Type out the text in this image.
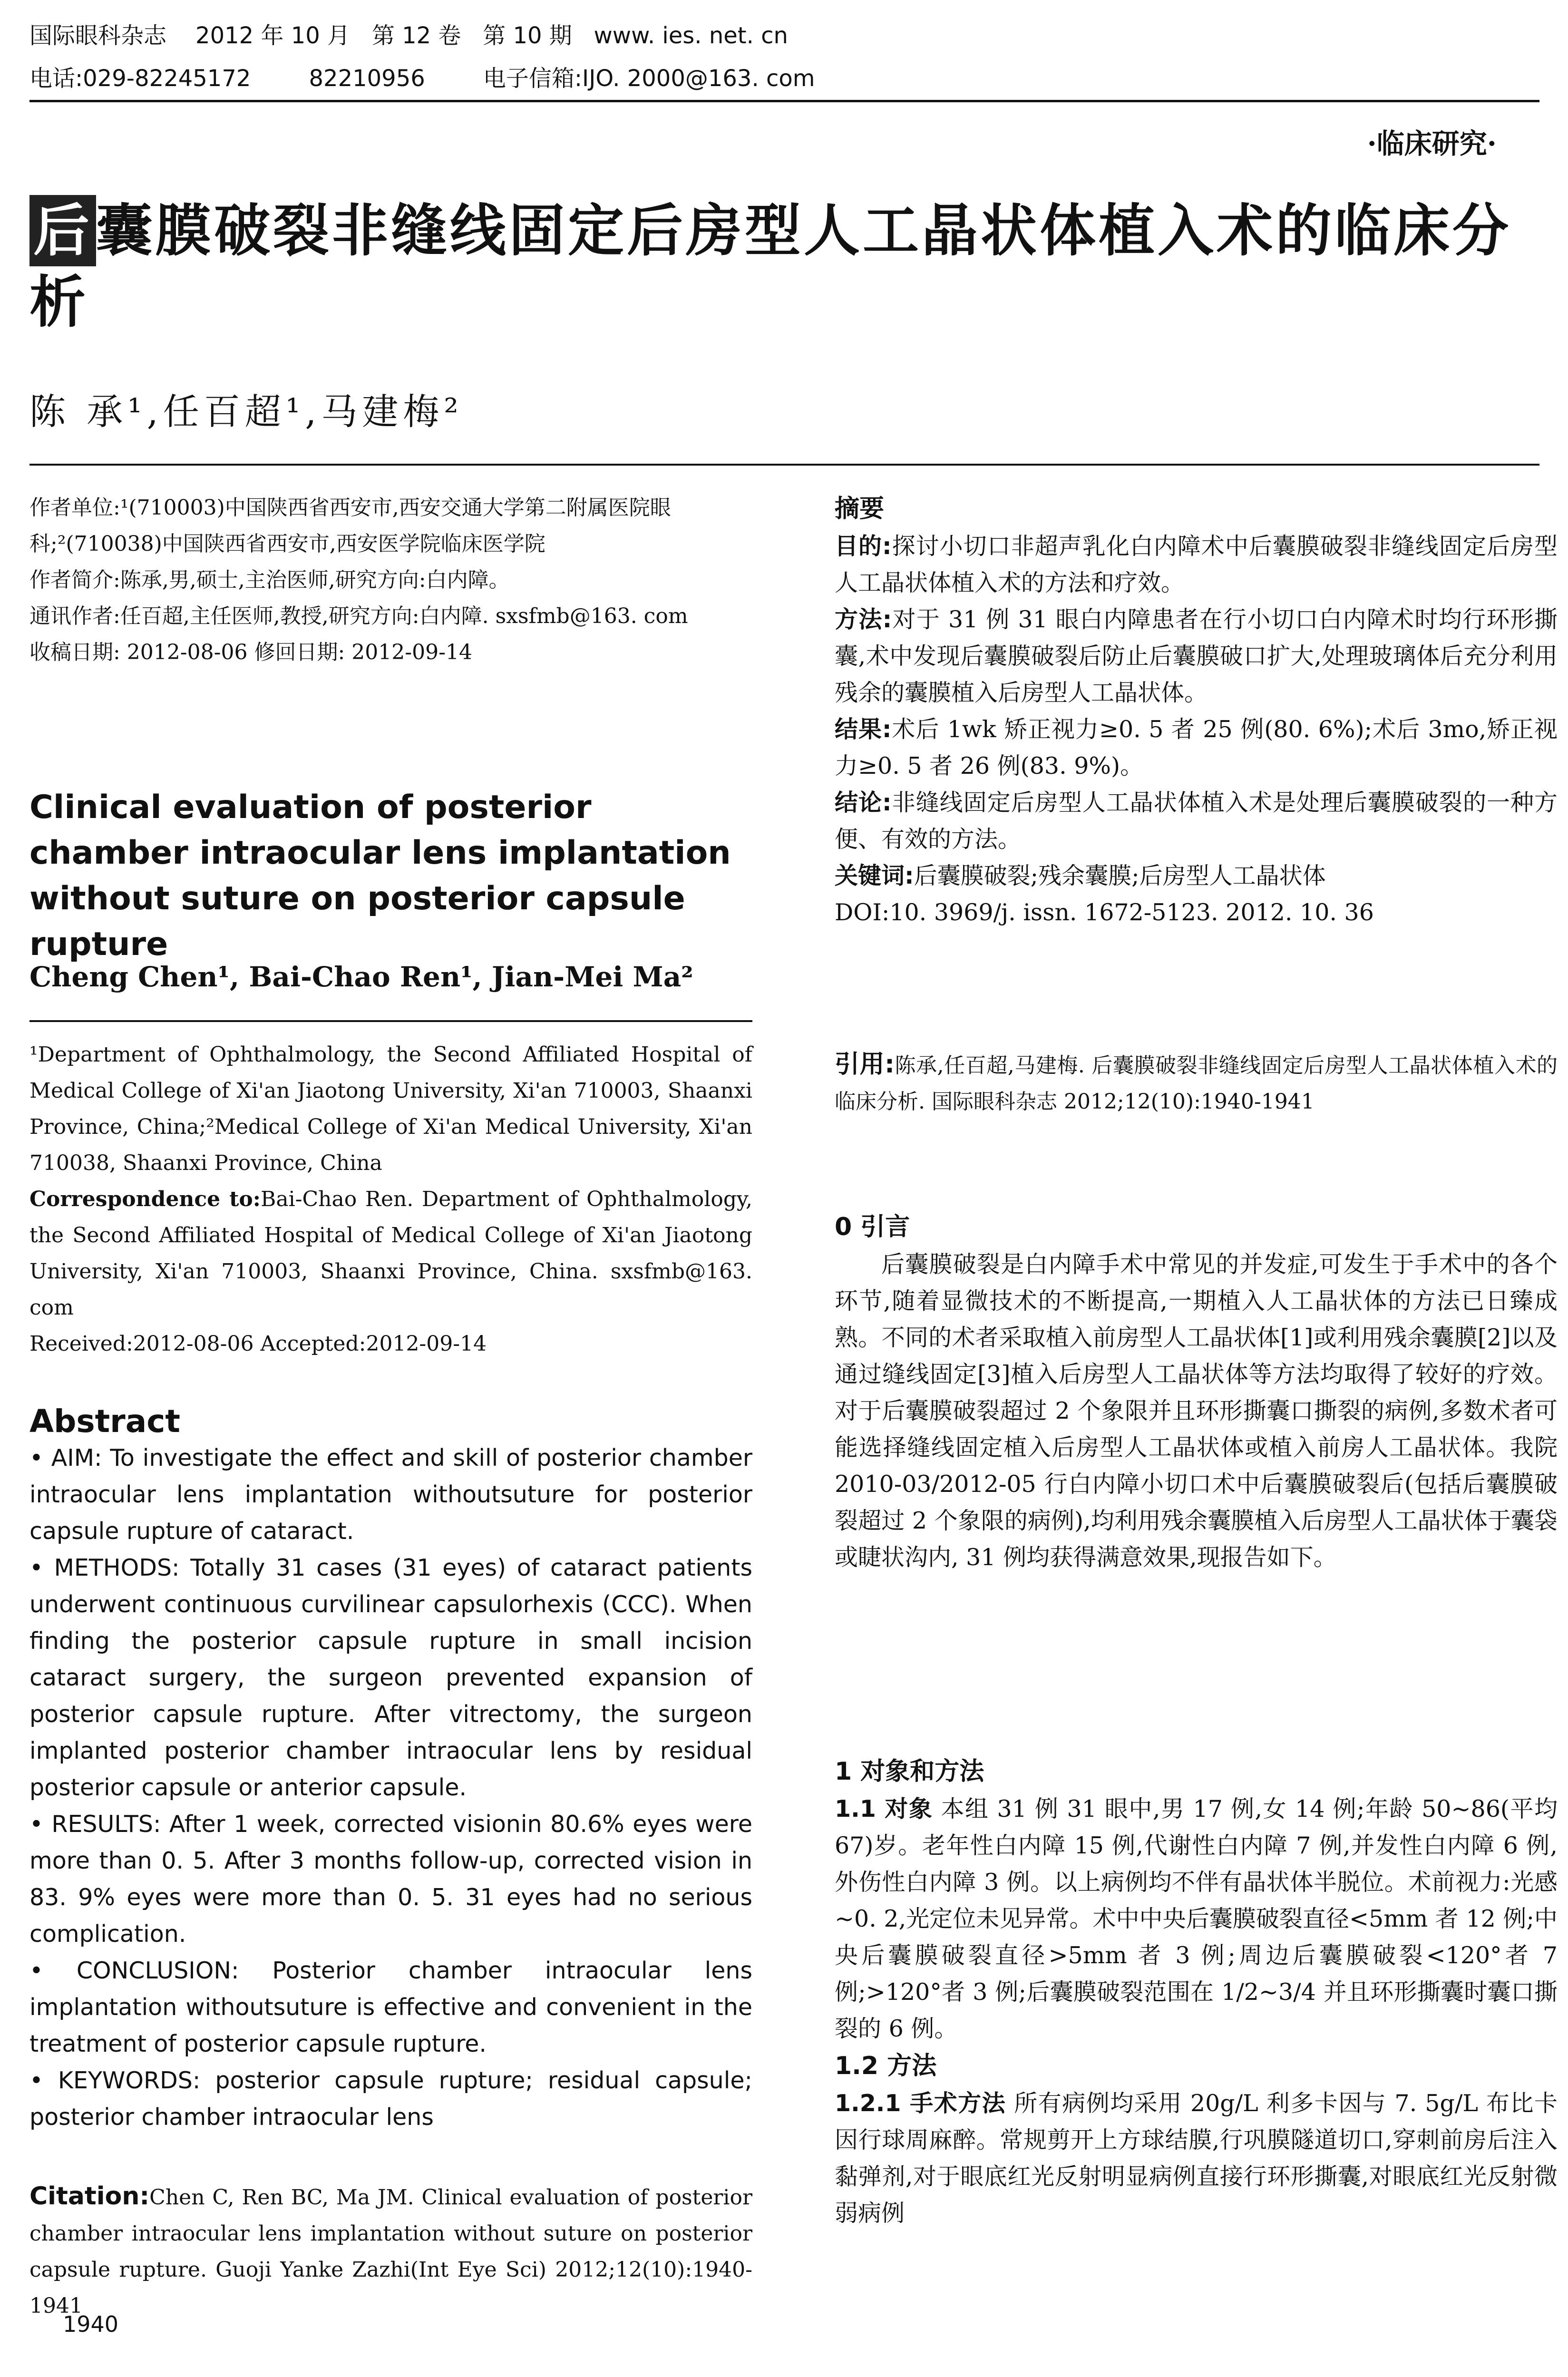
国际眼科杂志    2012 年 10 月   第 12 卷   第 10 期   www. ies. net. cn
电话:029-82245172        82210956        电子信箱:IJO. 2000@163. com
·临床研究·
后囊膜破裂非缝线固定后房型人工晶状体植入术的临床分析
陈 承¹,任百超¹,马建梅²

作者单位:¹(710003)中国陕西省西安市,西安交通大学第二附属医院眼科;²(710038)中国陕西省西安市,西安医学院临床医学院

作者简介:陈承,男,硕士,主治医师,研究方向:白内障。

通讯作者:任百超,主任医师,教授,研究方向:白内障. sxsfmb@163. com

收稿日期: 2012-08-06 修回日期: 2012-09-14

Clinical evaluation of posterior chamber intraocular lens implantation without suture on posterior capsule rupture

Cheng Chen¹, Bai-Chao Ren¹, Jian-Mei Ma²

¹Department of Ophthalmology, the Second Affiliated Hospital of Medical College of Xi'an Jiaotong University, Xi'an 710003, Shaanxi Province, China;²Medical College of Xi'an Medical University, Xi'an 710038, Shaanxi Province, China

Correspondence to:Bai-Chao Ren. Department of Ophthalmology, the Second Affiliated Hospital of Medical College of Xi'an Jiaotong University, Xi'an 710003, Shaanxi Province, China. sxsfmb@163. com

Received:2012-08-06 Accepted:2012-09-14

Abstract

• AIM: To investigate the effect and skill of posterior chamber intraocular lens implantation withoutsuture for posterior capsule rupture of cataract.

• METHODS: Totally 31 cases (31 eyes) of cataract patients underwent continuous curvilinear capsulorhexis (CCC). When finding the posterior capsule rupture in small incision cataract surgery, the surgeon prevented expansion of posterior capsule rupture. After vitrectomy, the surgeon implanted posterior chamber intraocular lens by residual posterior capsule or anterior capsule.

• RESULTS: After 1 week, corrected visionin 80.6% eyes were more than 0. 5. After 3 months follow-up, corrected vision in 83. 9% eyes were more than 0. 5. 31 eyes had no serious complication.

• CONCLUSION: Posterior chamber intraocular lens implantation withoutsuture is effective and convenient in the treatment of posterior capsule rupture.

• KEYWORDS: posterior capsule rupture; residual capsule; posterior chamber intraocular lens

Citation:Chen C, Ren BC, Ma JM. Clinical evaluation of posterior chamber intraocular lens implantation without suture on posterior capsule rupture. Guoji Yanke Zazhi(Int Eye Sci) 2012;12(10):1940-1941

1940
摘要

目的:探讨小切口非超声乳化白内障术中后囊膜破裂非缝线固定后房型人工晶状体植入术的方法和疗效。

方法:对于 31 例 31 眼白内障患者在行小切口白内障术时均行环形撕囊,术中发现后囊膜破裂后防止后囊膜破口扩大,处理玻璃体后充分利用残余的囊膜植入后房型人工晶状体。

结果:术后 1wk 矫正视力≥0. 5 者 25 例(80. 6%);术后 3mo,矫正视力≥0. 5 者 26 例(83. 9%)。

结论:非缝线固定后房型人工晶状体植入术是处理后囊膜破裂的一种方便、有效的方法。

关键词:后囊膜破裂;残余囊膜;后房型人工晶状体

DOI:10. 3969/j. issn. 1672-5123. 2012. 10. 36

引用:陈承,任百超,马建梅. 后囊膜破裂非缝线固定后房型人工晶状体植入术的临床分析. 国际眼科杂志 2012;12(10):1940-1941

0 引言

后囊膜破裂是白内障手术中常见的并发症,可发生于手术中的各个环节,随着显微技术的不断提高,一期植入人工晶状体的方法已日臻成熟。不同的术者采取植入前房型人工晶状体[1]或利用残余囊膜[2]以及通过缝线固定[3]植入后房型人工晶状体等方法均取得了较好的疗效。对于后囊膜破裂超过 2 个象限并且环形撕囊口撕裂的病例,多数术者可能选择缝线固定植入后房型人工晶状体或植入前房人工晶状体。我院 2010-03/2012-05 行白内障小切口术中后囊膜破裂后(包括后囊膜破裂超过 2 个象限的病例),均利用残余囊膜植入后房型人工晶状体于囊袋或睫状沟内, 31 例均获得满意效果,现报告如下。

1 对象和方法

1.1 对象 本组 31 例 31 眼中,男 17 例,女 14 例;年龄 50~86(平均 67)岁。老年性白内障 15 例,代谢性白内障 7 例,并发性白内障 6 例,外伤性白内障 3 例。以上病例均不伴有晶状体半脱位。术前视力:光感~0. 2,光定位未见异常。术中中央后囊膜破裂直径<5mm 者 12 例;中央后囊膜破裂直径>5mm 者 3 例;周边后囊膜破裂<120°者 7 例;>120°者 3 例;后囊膜破裂范围在 1/2~3/4 并且环形撕囊时囊口撕裂的 6 例。

1.2 方法

1.2.1 手术方法 所有病例均采用 20g/L 利多卡因与 7. 5g/L 布比卡因行球周麻醉。常规剪开上方球结膜,行巩膜隧道切口,穿刺前房后注入黏弹剂,对于眼底红光反射明显病例直接行环形撕囊,对眼底红光反射微弱病例
